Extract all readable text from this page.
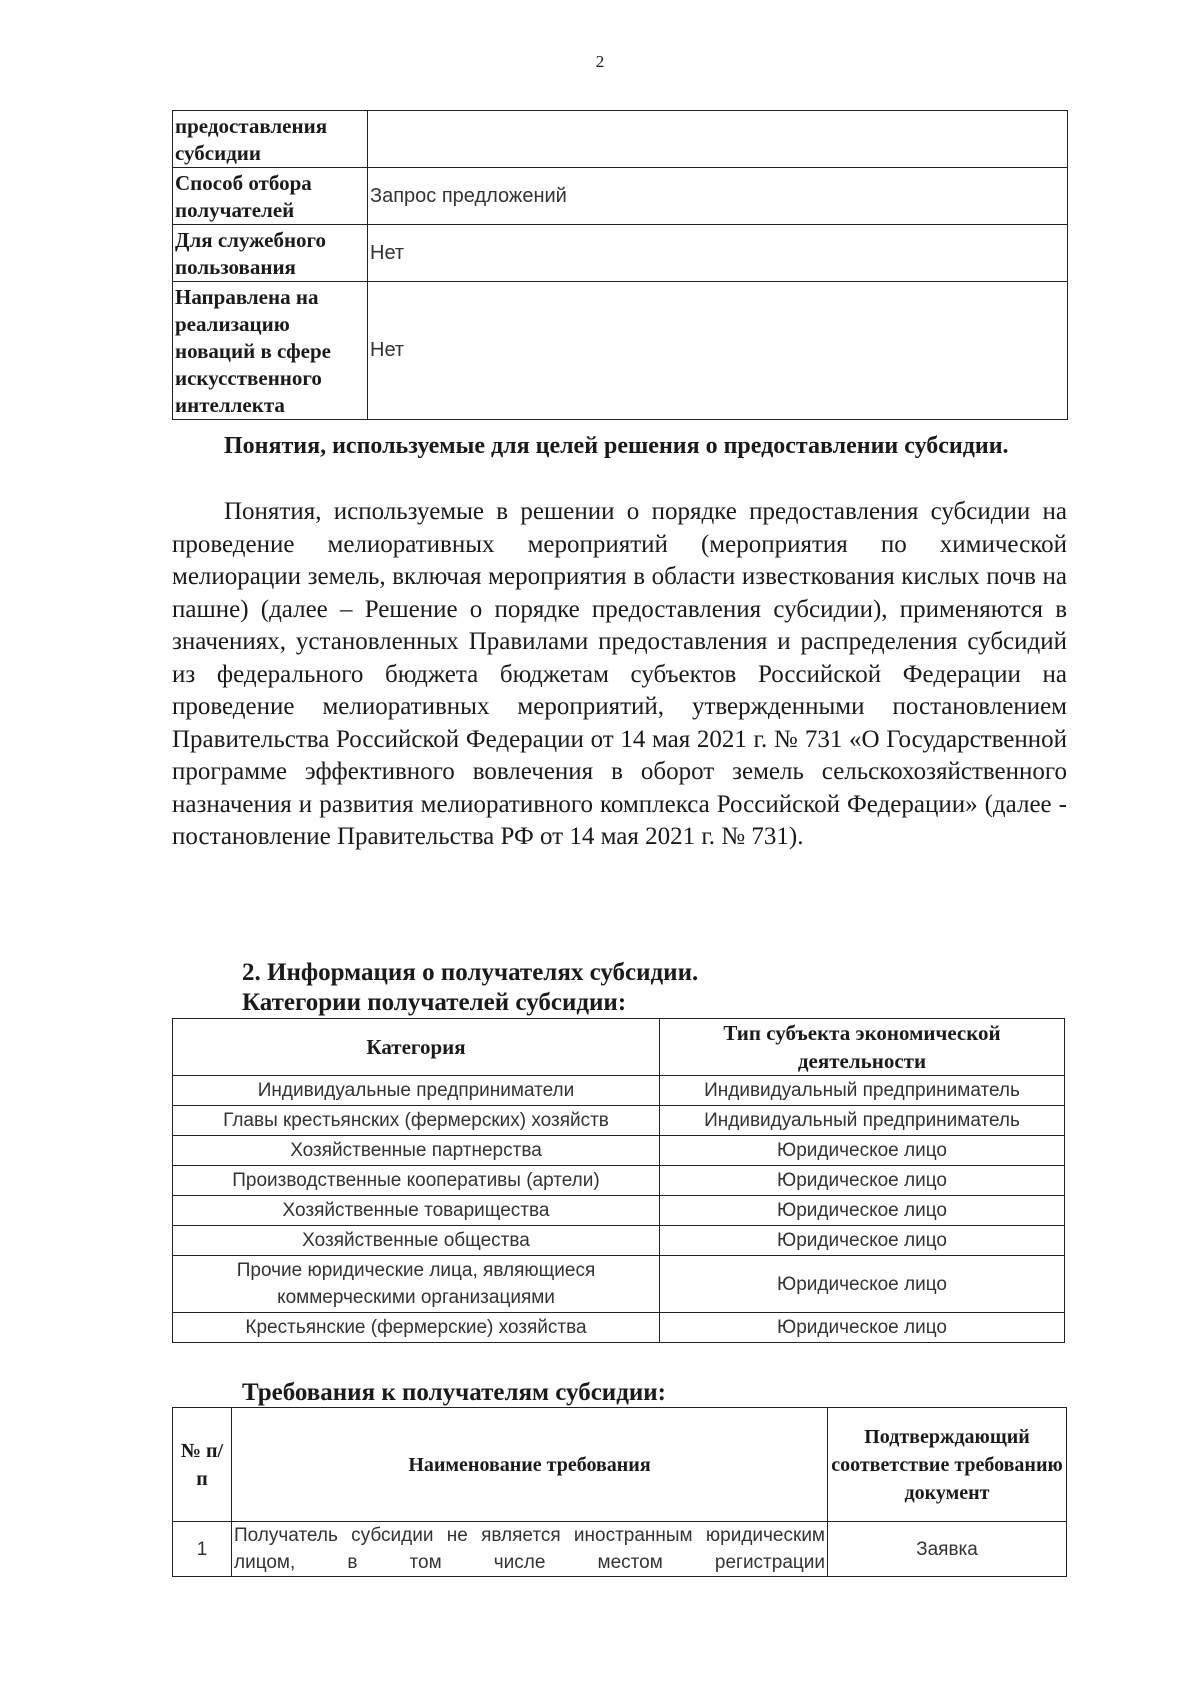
2
предоставления субсидии	
Способ отбора получателей	Запрос предложений
Для служебного пользования	Нет
Направлена на реализацию новаций в сфере искусственного интеллекта	Нет
Понятия, используемые для целей решения о предоставлении субсидии.
Понятия, используемые в решении о порядке предоставления субсидии на проведение мелиоративных мероприятий (мероприятия по химической мелиорации земель, включая мероприятия в области известкования кислых почв на пашне) (далее – Решение о порядке предоставления субсидии), применяются в значениях, установленных Правилами предоставления и распределения субсидий из федерального бюджета бюджетам субъектов Российской Федерации на проведение мелиоративных мероприятий, утвержденными постановлением Правительства Российской Федерации от 14 мая 2021 г. № 731 «О Государственной программе эффективного вовлечения в оборот земель сельскохозяйственного назначения и развития мелиоративного комплекса Российской Федерации» (далее - постановление Правительства РФ от 14 мая 2021 г. № 731).
2. Информация о получателях субсидии.
Категории получателей субсидии:
Категория	Тип субъекта экономической деятельности
Индивидуальные предприниматели	Индивидуальный предприниматель
Главы крестьянских (фермерских) хозяйств	Индивидуальный предприниматель
Хозяйственные партнерства	Юридическое лицо
Производственные кооперативы (артели)	Юридическое лицо
Хозяйственные товарищества	Юридическое лицо
Хозяйственные общества	Юридическое лицо
Прочие юридические лица, являющиеся коммерческими организациями	Юридическое лицо
Крестьянские (фермерские) хозяйства	Юридическое лицо
Требования к получателям субсидии:
№ п/п	Наименование требования	Подтверждающий соответствие требованию документ
1	Получатель субсидии не является иностранным юридическим лицом, в том числе местом регистрации	Заявка
